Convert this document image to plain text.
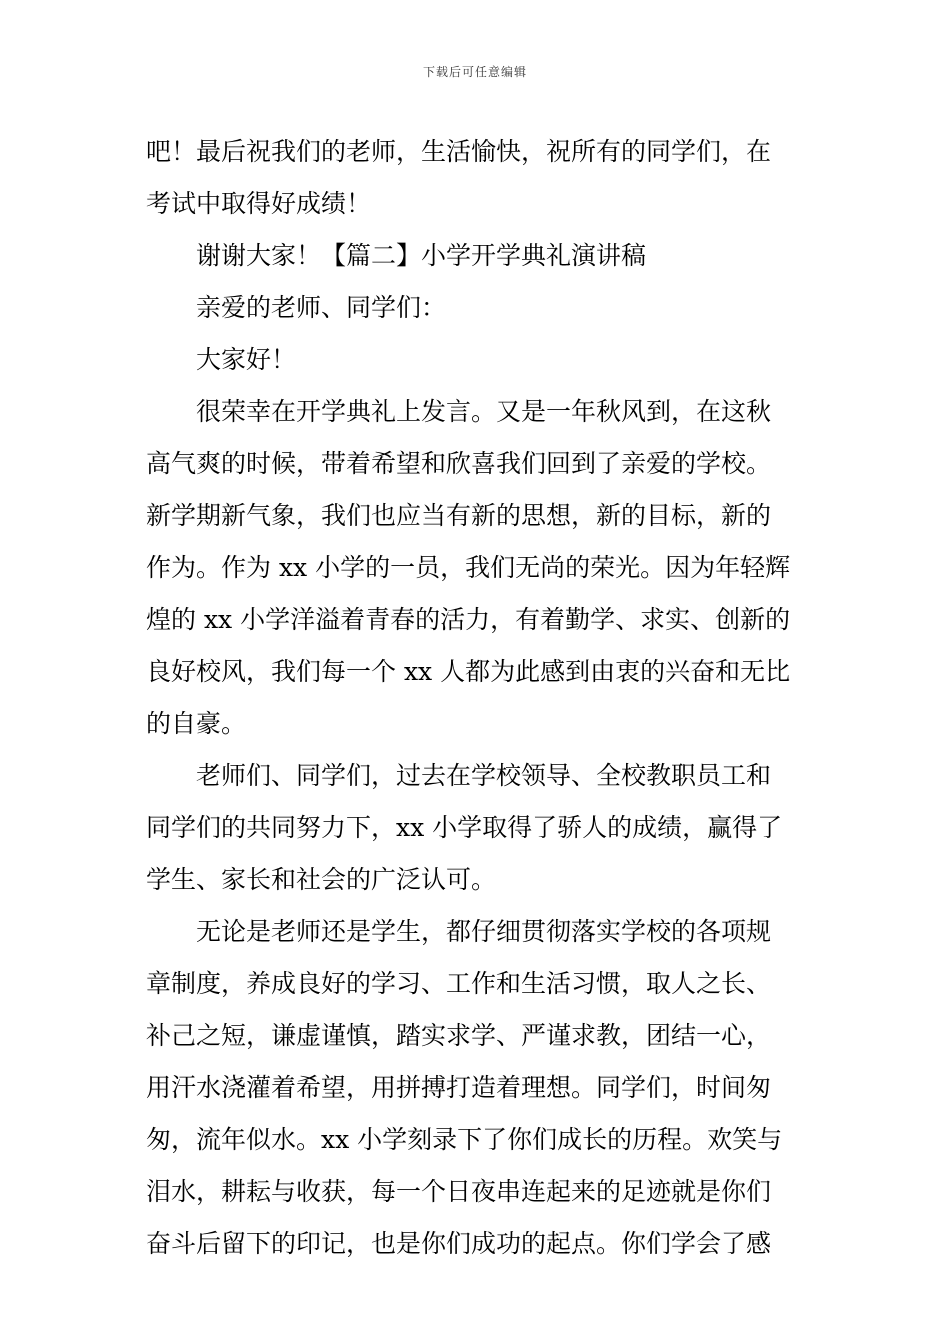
下载后可任意编辑
吧！最后祝我们的老师，生活愉快，祝所有的同学们，在
考试中取得好成绩！
谢谢大家！【篇二】小学开学典礼演讲稿
亲爱的老师、同学们：
大家好！
很荣幸在开学典礼上发言。又是一年秋风到，在这秋
高气爽的时候，带着希望和欣喜我们回到了亲爱的学校。
新学期新气象，我们也应当有新的思想，新的目标，新的
作为。作为 xx 小学的一员，我们无尚的荣光。因为年轻辉
煌的 xx 小学洋溢着青春的活力，有着勤学、求实、创新的
良好校风，我们每一个 xx 人都为此感到由衷的兴奋和无比
的自豪。
老师们、同学们，过去在学校领导、全校教职员工和
同学们的共同努力下，xx 小学取得了骄人的成绩，赢得了
学生、家长和社会的广泛认可。
无论是老师还是学生，都仔细贯彻落实学校的各项规
章制度，养成良好的学习、工作和生活习惯，取人之长、
补己之短，谦虚谨慎，踏实求学、严谨求教，团结一心，
用汗水浇灌着希望，用拼搏打造着理想。同学们，时间匆
匆，流年似水。xx 小学刻录下了你们成长的历程。欢笑与
泪水，耕耘与收获，每一个日夜串连起来的足迹就是你们
奋斗后留下的印记，也是你们成功的起点。你们学会了感
